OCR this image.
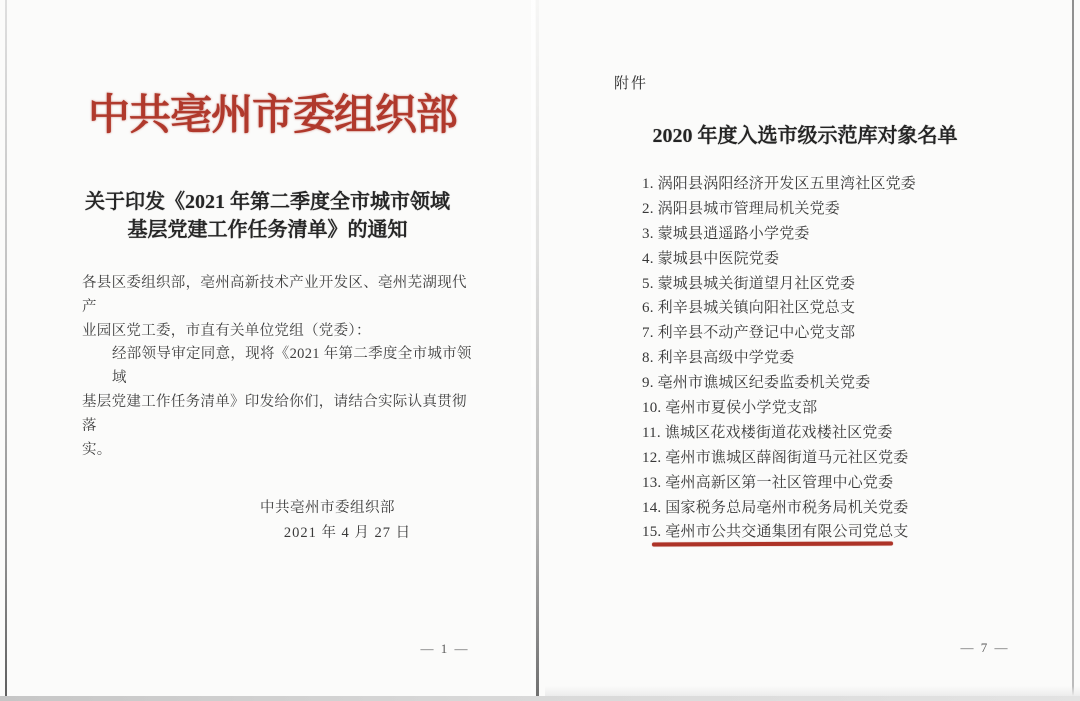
中共亳州市委组织部
关于印发《2021 年第二季度全市城市领域
基层党建工作任务清单》的通知
各县区委组织部，亳州高新技术产业开发区、亳州芜湖现代产
业园区党工委，市直有关单位党组（党委）：
经部领导审定同意，现将《2021 年第二季度全市城市领域
基层党建工作任务清单》印发给你们，请结合实际认真贯彻落
实。
中共亳州市委组织部
2021 年 4 月 27 日
— 1 —
附件
2020 年度入选市级示范库对象名单
1. 涡阳县涡阳经济开发区五里湾社区党委
2. 涡阳县城市管理局机关党委
3. 蒙城县逍遥路小学党委
4. 蒙城县中医院党委
5. 蒙城县城关街道望月社区党委
6. 利辛县城关镇向阳社区党总支
7. 利辛县不动产登记中心党支部
8. 利辛县高级中学党委
9. 亳州市谯城区纪委监委机关党委
10. 亳州市夏侯小学党支部
11. 谯城区花戏楼街道花戏楼社区党委
12. 亳州市谯城区薛阁街道马元社区党委
13. 亳州高新区第一社区管理中心党委
14. 国家税务总局亳州市税务局机关党委
15. 亳州市公共交通集团有限公司党总支
— 7 —
